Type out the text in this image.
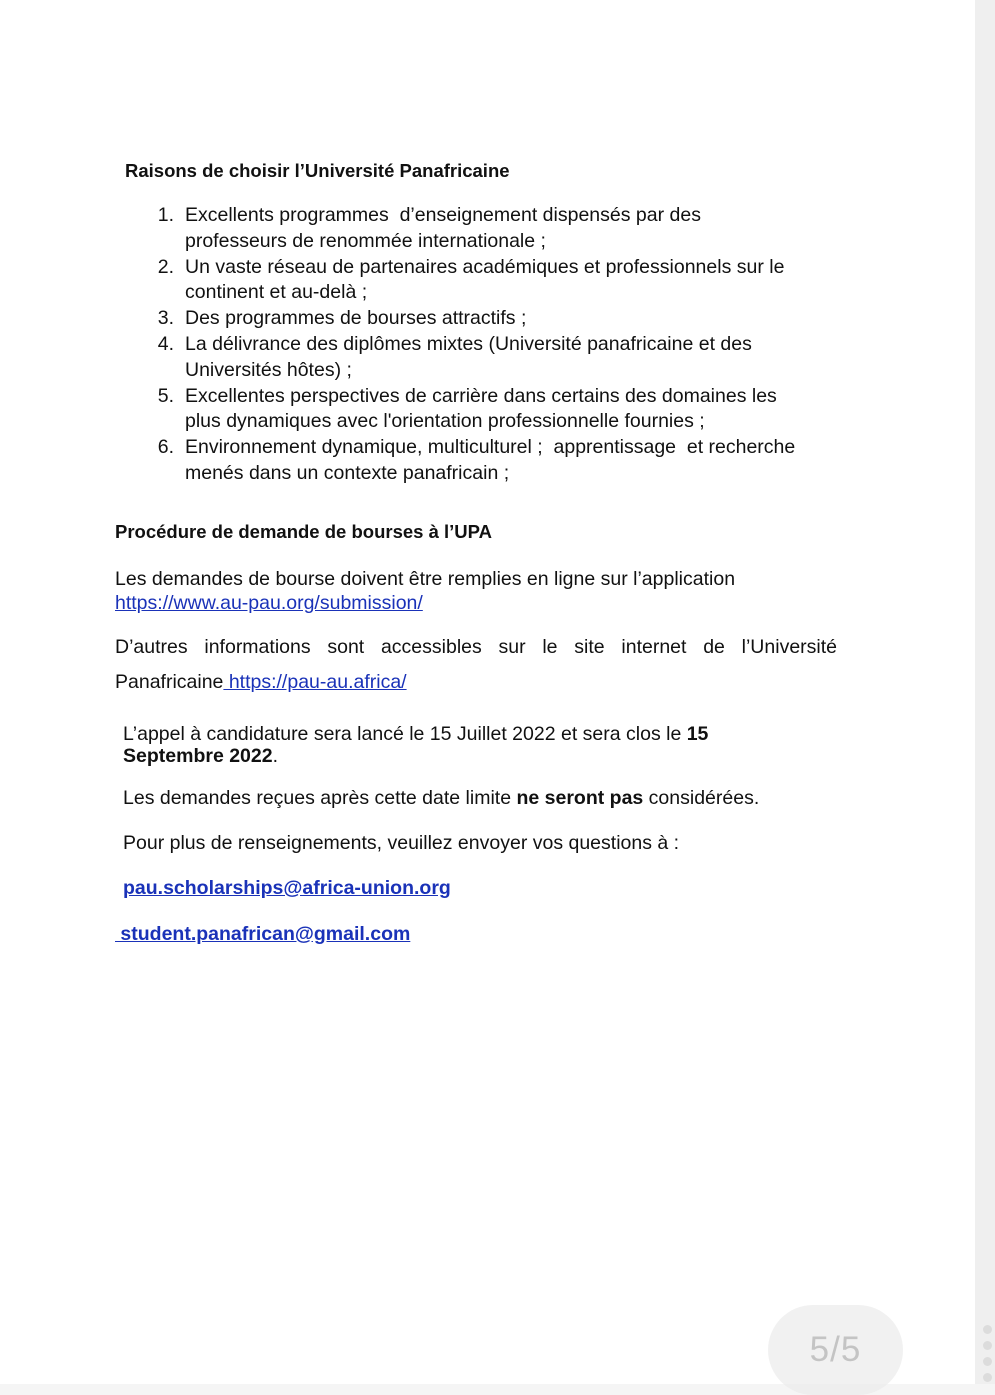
Raisons de choisir l’Université Panafricaine
1. Excellents programmes  d’enseignement dispensés par des
professeurs de renommée internationale ;
2. Un vaste réseau de partenaires académiques et professionnels sur le
continent et au-delà ;
3. Des programmes de bourses attractifs ;
4. La délivrance des diplômes mixtes (Université panafricaine et des
Universités hôtes) ;
5. Excellentes perspectives de carrière dans certains des domaines les
plus dynamiques avec l'orientation professionnelle fournies ;
6. Environnement dynamique, multiculturel ;  apprentissage  et recherche
menés dans un contexte panafricain ;
Procédure de demande de bourses à l’UPA

Les demandes de bourse doivent être remplies en ligne sur l’application

https://www.au-pau.org/submission/

D’autres informations sont accessibles sur le site internet de l’Université

Panafricaine https://pau-au.africa/

L’appel à candidature sera lancé le 15 Juillet 2022 et sera clos le 15
Septembre 2022.

Les demandes reçues après cette date limite ne seront pas considérées.

Pour plus de renseignements, veuillez envoyer vos questions à :

pau.scholarships@africa-union.org

student.panafrican@gmail.com

5/5
